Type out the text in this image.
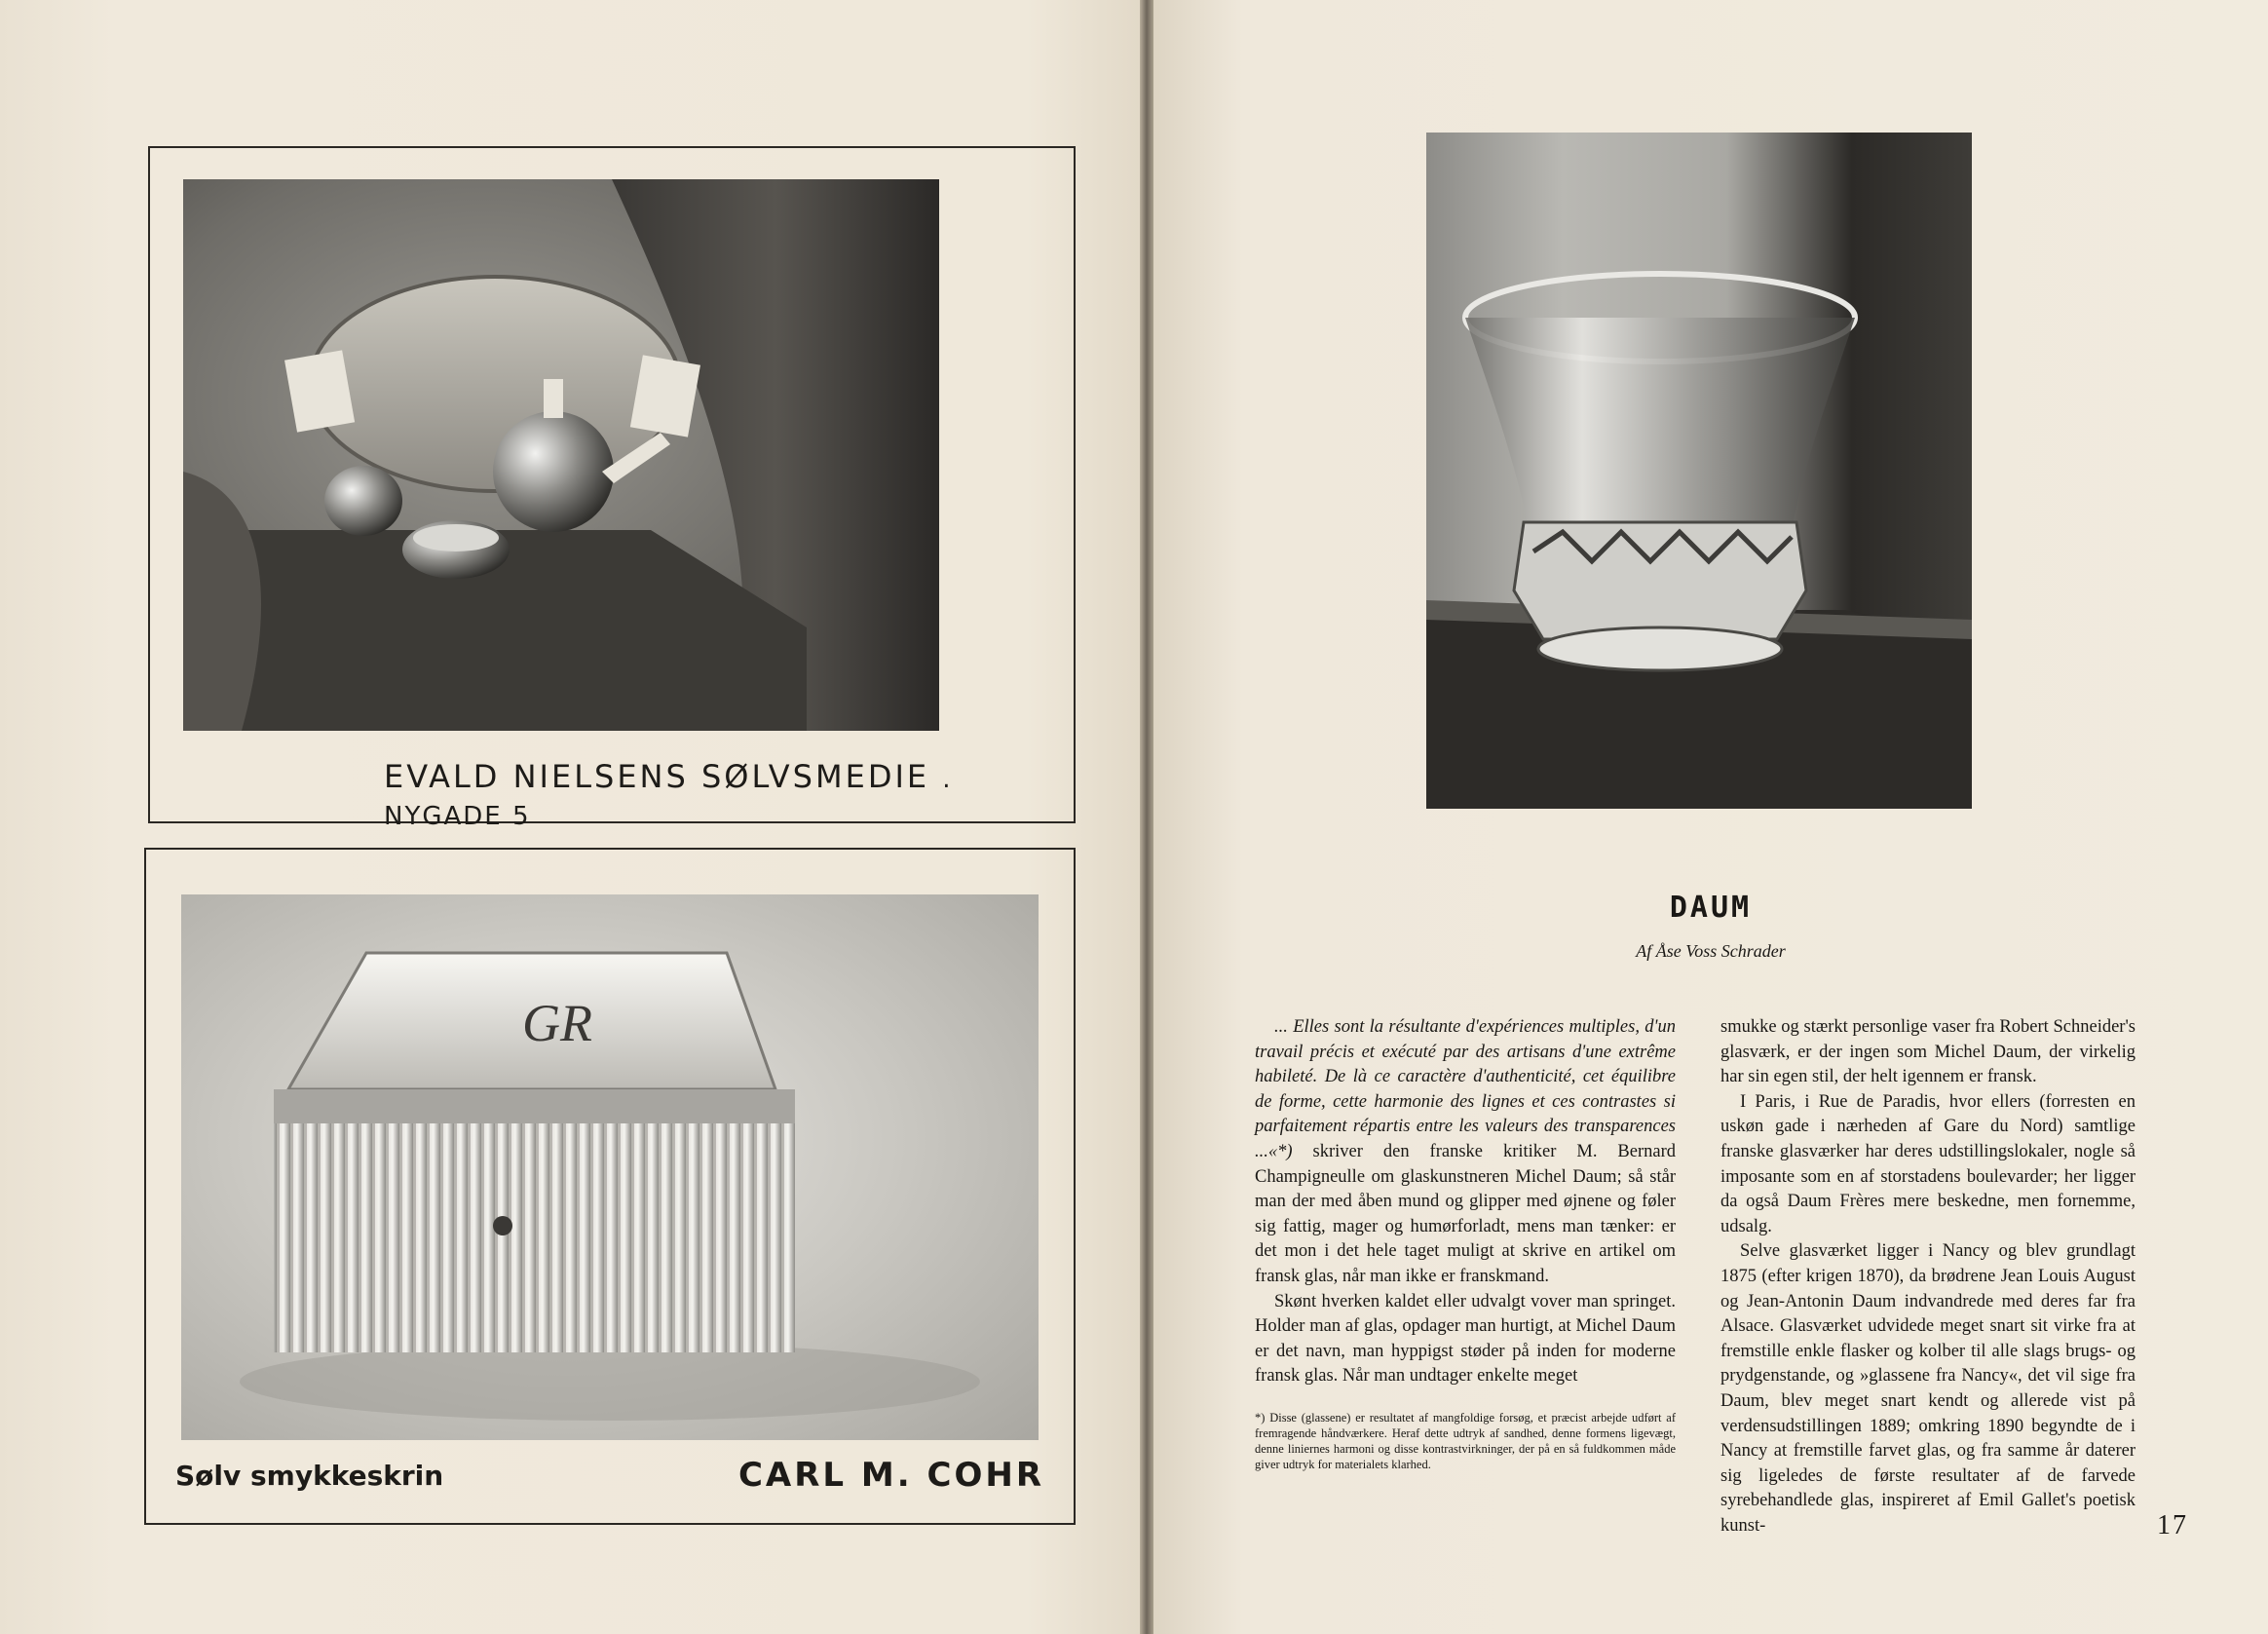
EVALD NIELSENS SØLVSMEDIE . NYGADE 5
GR
Sølv smykkeskrin	CARL M. COHR
DAUM
Af Åse Voss Schrader

... Elles sont la résultante d'expériences multiples, d'un travail précis et exécuté par des artisans d'une extrême habileté. De là ce caractère d'authenticité, cet équilibre de forme, cette harmonie des lignes et ces contrastes si parfaitement répartis entre les valeurs des transparences ...«*) skriver den franske kritiker M. Bernard Champigneulle om glaskunstneren Michel Daum; så står man der med åben mund og glipper med øjnene og føler sig fattig, mager og humørforladt, mens man tænker: er det mon i det hele taget muligt at skrive en artikel om fransk glas, når man ikke er franskmand.

Skønt hverken kaldet eller udvalgt vover man springet. Holder man af glas, opdager man hurtigt, at Michel Daum er det navn, man hyppigst støder på inden for moderne fransk glas. Når man undtager enkelte meget

*) Disse (glassene) er resultatet af mangfoldige forsøg, et præcist arbejde udført af fremragende håndværkere. Heraf dette udtryk af sandhed, denne formens ligevægt, denne liniernes harmoni og disse kontrastvirkninger, der på en så fuldkommen måde giver udtryk for materialets klarhed.

smukke og stærkt personlige vaser fra Robert Schneider's glasværk, er der ingen som Michel Daum, der virkelig har sin egen stil, der helt igennem er fransk.

I Paris, i Rue de Paradis, hvor ellers (forresten en uskøn gade i nærheden af Gare du Nord) samtlige franske glasværker har deres udstillingslokaler, nogle så imposante som en af storstadens boulevarder; her ligger da også Daum Frères mere beskedne, men fornemme, udsalg.

Selve glasværket ligger i Nancy og blev grundlagt 1875 (efter krigen 1870), da brødrene Jean Louis August og Jean-Antonin Daum indvandrede med deres far fra Alsace. Glasværket udvidede meget snart sit virke fra at fremstille enkle flasker og kolber til alle slags brugs- og prydgenstande, og »glassene fra Nancy«, det vil sige fra Daum, blev meget snart kendt og allerede vist på verdensudstillingen 1889; omkring 1890 begyndte de i Nancy at fremstille farvet glas, og fra samme år daterer sig ligeledes de første resultater af de farvede syrebehandlede glas, inspireret af Emil Gallet's poetisk kunst-	17
